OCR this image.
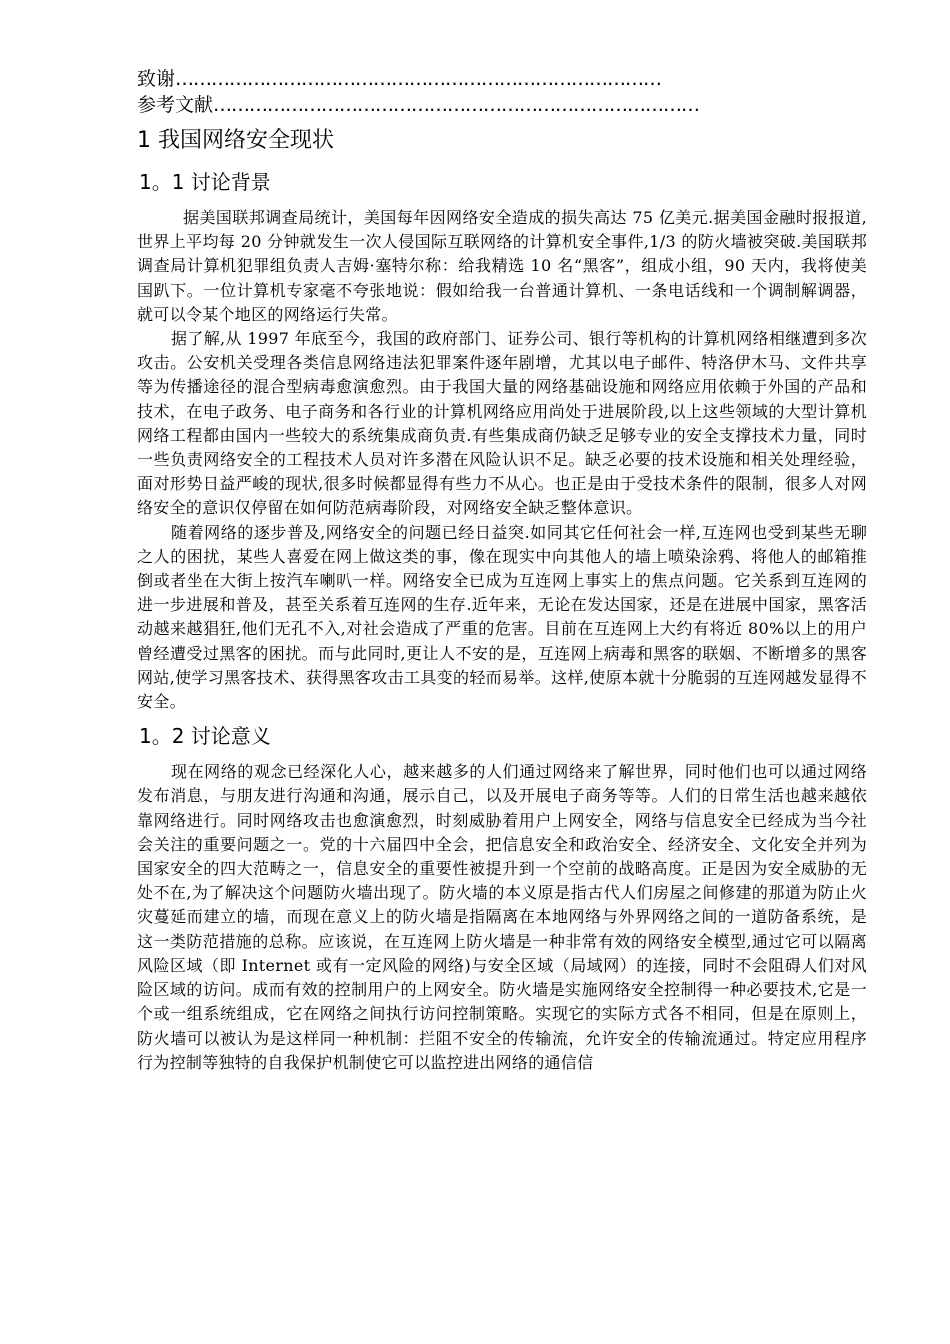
致谢………………………………………………………………………
参考文献………………………………………………………………………
1 我国网络安全现状
1。1 讨论背景

据美国联邦调查局统计，美国每年因网络安全造成的损失高达 75 亿美元.据美国金融时报报道,世界上平均每 20 分钟就发生一次人侵国际互联网络的计算机安全事件,1/3 的防火墙被突破.美国联邦调查局计算机犯罪组负责人吉姆·塞特尔称：给我精选 10 名“黑客”，组成小组，90 天内，我将使美国趴下。一位计算机专家毫不夸张地说：假如给我一台普通计算机、一条电话线和一个调制解调器，就可以令某个地区的网络运行失常。

据了解,从 1997 年底至今，我国的政府部门、证券公司、银行等机构的计算机网络相继遭到多次攻击。公安机关受理各类信息网络违法犯罪案件逐年剧增，尤其以电子邮件、特洛伊木马、文件共享等为传播途径的混合型病毒愈演愈烈。由于我国大量的网络基础设施和网络应用依赖于外国的产品和技术，在电子政务、电子商务和各行业的计算机网络应用尚处于进展阶段,以上这些领域的大型计算机网络工程都由国内一些较大的系统集成商负责.有些集成商仍缺乏足够专业的安全支撑技术力量，同时一些负责网络安全的工程技术人员对许多潜在风险认识不足。缺乏必要的技术设施和相关处理经验，面对形势日益严峻的现状,很多时候都显得有些力不从心。也正是由于受技术条件的限制，很多人对网络安全的意识仅停留在如何防范病毒阶段，对网络安全缺乏整体意识。

随着网络的逐步普及,网络安全的问题已经日益突.如同其它任何社会一样,互连网也受到某些无聊之人的困扰，某些人喜爱在网上做这类的事，像在现实中向其他人的墙上喷染涂鸦、将他人的邮箱推倒或者坐在大街上按汽车喇叭一样。网络安全已成为互连网上事实上的焦点问题。它关系到互连网的进一步进展和普及，甚至关系着互连网的生存.近年来，无论在发达国家，还是在进展中国家，黑客活动越来越猖狂,他们无孔不入,对社会造成了严重的危害。目前在互连网上大约有将近 80%以上的用户曾经遭受过黑客的困扰。而与此同时,更让人不安的是，互连网上病毒和黑客的联姻、不断增多的黑客网站,使学习黑客技术、获得黑客攻击工具变的轻而易举。这样,使原本就十分脆弱的互连网越发显得不安全。

1。2 讨论意义

现在网络的观念已经深化人心，越来越多的人们通过网络来了解世界，同时他们也可以通过网络发布消息，与朋友进行沟通和沟通，展示自己，以及开展电子商务等等。人们的日常生活也越来越依靠网络进行。同时网络攻击也愈演愈烈，时刻威胁着用户上网安全，网络与信息安全已经成为当今社会关注的重要问题之一。党的十六届四中全会，把信息安全和政治安全、经济安全、文化安全并列为国家安全的四大范畴之一，信息安全的重要性被提升到一个空前的战略高度。正是因为安全威胁的无处不在,为了解决这个问题防火墙出现了。防火墙的本义原是指古代人们房屋之间修建的那道为防止火灾蔓延而建立的墙，而现在意义上的防火墙是指隔离在本地网络与外界网络之间的一道防备系统，是这一类防范措施的总称。应该说，在互连网上防火墙是一种非常有效的网络安全模型,通过它可以隔离风险区域（即 Internet 或有一定风险的网络)与安全区域（局域网）的连接，同时不会阻碍人们对风险区域的访问。成而有效的控制用户的上网安全。防火墙是实施网络安全控制得一种必要技术,它是一个或一组系统组成，它在网络之间执行访问控制策略。实现它的实际方式各不相同，但是在原则上，防火墙可以被认为是这样同一种机制：拦阻不安全的传输流，允许安全的传输流通过。特定应用程序行为控制等独特的自我保护机制使它可以监控进出网络的通信信
